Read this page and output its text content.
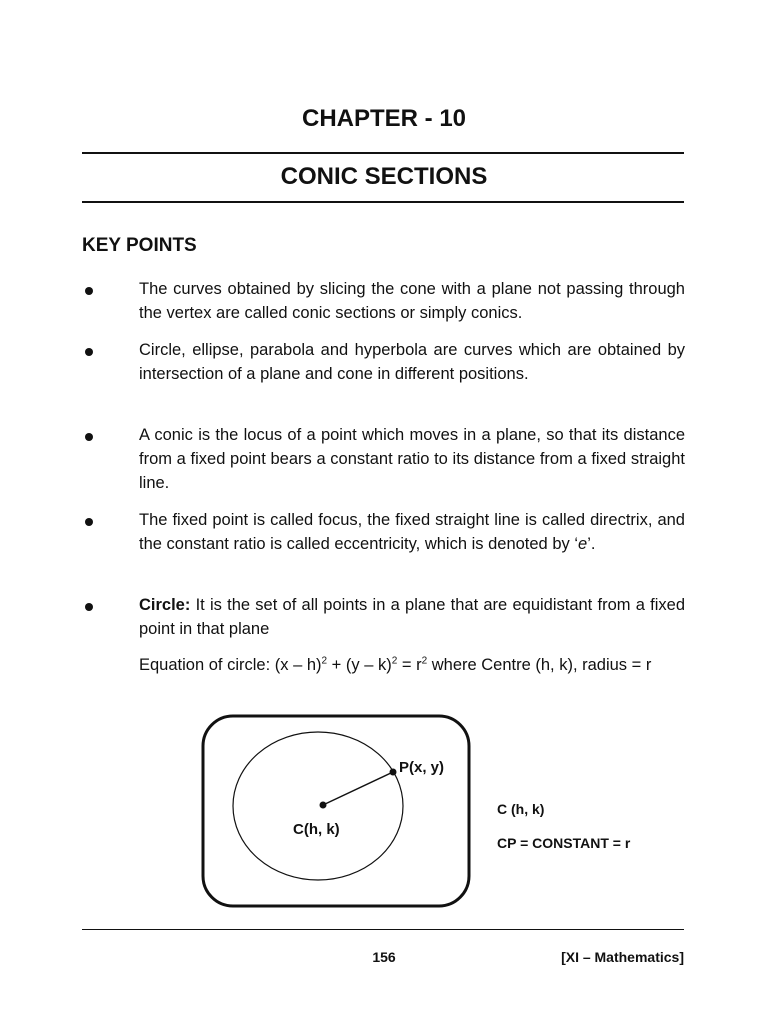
CHAPTER - 10
CONIC SECTIONS
KEY POINTS
The curves obtained by slicing the cone with a plane not passing through the vertex are called conic sections or simply conics.
Circle, ellipse, parabola and hyperbola are curves which are obtained by intersection of a plane and cone in different positions.
A conic is the locus of a point which moves in a plane, so that its distance from a fixed point bears a constant ratio to its distance from a fixed straight line.
The fixed point is called focus, the fixed straight line is called directrix, and the constant ratio is called eccentricity, which is denoted by ‘e’.
Circle: It is the set of all points in a plane that are equidistant from a fixed point in that plane
Equation of circle: $(x - h)^2 + (y - k)^2 = r^2$ where Centre (h, k), radius = r
P(x, y)
C(h, k)
C (h, k)
CP = CONSTANT = r
156	[XI – Mathematics]
